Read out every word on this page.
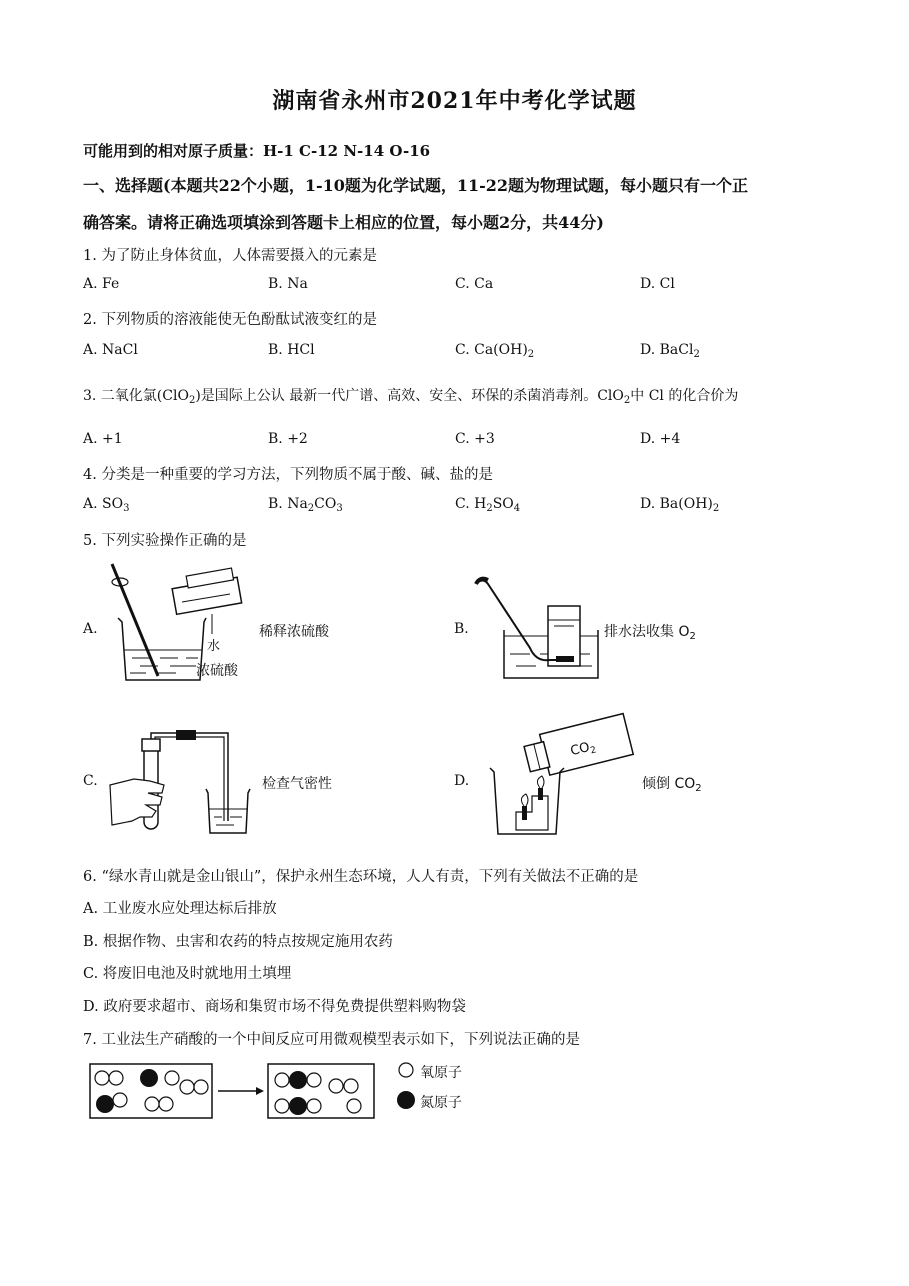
湖南省永州市2021年中考化学试题
可能用到的相对原子质量：H-1 C-12 N-14 O-16
一、选择题(本题共22个小题，1-10题为化学试题，11-22题为物理试题，每小题只有一个正
确答案。请将正确选项填涂到答题卡上相应的位置，每小题2分，共44分)
1. 为了防止身体贫血，人体需要摄入的元素是
A. Fe	B. Na	C. Ca	D. Cl
2. 下列物质的溶液能使无色酚酞试液变红的是
A. NaCl	B. HCl	C. $Ca(OH)_2$	D. BaCl$_2$
3. 二氧化氯(ClO$_2$)是国际上公认 最新一代广谱、高效、安全、环保的杀菌消毒剂。ClO$_2$中 Cl 的化合价为
A. +1	B. +2	C. +3	D. +4
4. 分类是一种重要的学习方法，下列物质不属于酸、碱、盐的是
A. $SO_3$	B. $Na_2CO_3$	C. $H_2SO_4$	D. $Ba(OH)_2$
5. 下列实验操作正确的是
A.
水
浓硫酸
稀释浓硫酸	B.	排水法收集 $O_2$
C.	检查气密性	D.
$CO_2$
倾倒 $CO_2$
6. “绿水青山就是金山银山”，保护永州生态环境，人人有责，下列有关做法不正确的是
A. 工业废水应处理达标后排放
B. 根据作物、虫害和农药的特点按规定施用农药
C. 将废旧电池及时就地用土填埋
D. 政府要求超市、商场和集贸市场不得免费提供塑料购物袋
7. 工业法生产硝酸的一个中间反应可用微观模型表示如下，下列说法正确的是
氧原子
氮原子
